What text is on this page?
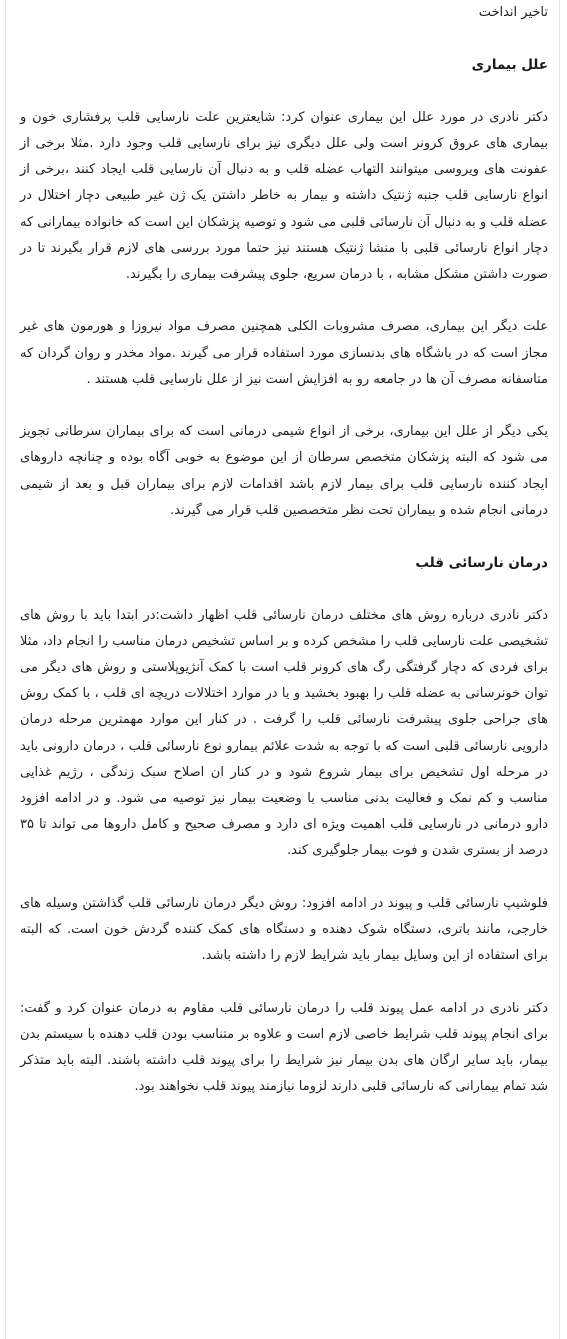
تاخیر انداخت

علل بیماری

دکتر نادری در مورد علل این بیماری عنوان کرد: شایعترین علت نارسایی قلب پرفشاری خون و بیماری های عروق کرونر است ولی علل دیگری نیز برای نارسایی قلب وجود دارد .مثلا برخی از عفونت های ویروسی میتوانند التهاب عضله قلب و به دنبال آن نارسایی قلب ایجاد کنند ،برخی از انواع نارسایی قلب جنبه ژنتیک داشته و بیمار به خاطر داشتن یک ژن غیر طبیعی دچار اختلال در عضله قلب و به دنبال آن نارسائی قلبی می شود و توصیه پزشکان این است که خانواده بیمارانی که دچار انواع نارسائی قلبی با منشا ژنتیک هستند نیز حتما مورد بررسی های لازم قرار بگیرند تا در صورت داشتن مشکل مشابه ، با درمان سریع، جلوی پیشرفت بیماری را بگیرند.

علت دیگر این بیماری، مصرف مشروبات الکلی همچنین مصرف مواد نیروزا و هورمون های غیر مجاز است که در باشگاه های بدنسازی مورد استفاده قرار می گیرند .مواد مخدر و روان گردان که متاسفانه مصرف آن ها در جامعه رو به افزایش است نیز از علل نارسایی قلب هستند .

یکی دیگر از علل این بیماری، برخی از انواع شیمی درمانی است که برای بیماران سرطانی تجویز می شود که البته پزشکان متخصص سرطان از این موضوع به خوبی آگاه بوده و چنانچه داروهای ایجاد کننده نارسایی قلب برای بیمار لازم باشد اقدامات لازم برای بیماران قبل و بعد از شیمی درمانی انجام شده و بیماران تحت نظر متخصصین قلب قرار می گیرند.

درمان نارسائی قلب

دکتر نادری درباره روش های مختلف درمان نارسائی قلب اظهار داشت:در ابتدا باید با روش های تشخیصی علت نارسایی قلب را مشخص کرده و بر اساس تشخیص درمان مناسب را انجام داد، مثلا برای فردی که دچار گرفتگی رگ های کرونر قلب است با کمک آنژیوپلاستی و روش های دیگر می توان خونرسانی به عضله قلب را بهبود بخشید و یا در موارد اختلالات دریچه ای قلب ، با کمک روش های جراحی جلوی پیشرفت نارسائی قلب را گرفت . در کنار این موارد مهمترین مرحله درمان دارویی نارسائی قلبی است که با توجه به شدت علائم بیمارو نوع نارسائی قلب ، درمان دارونی باید در مرحله اول تشخیص برای بیمار شروع شود و در کنار ان اصلاح سبک زندگی ، رژیم غذایی مناسب و کم نمک و فعالیت بدنی مناسب با وضعیت بیمار نیز توصیه می شود. و در ادامه افزود دارو درمانی در نارسایی قلب اهمیت ویژه ای دارد و مصرف صحیح و کامل داروها می تواند تا ۳۵ درصد از بستری شدن و فوت بیمار جلوگیری کند.

فلوشیپ نارسائی قلب و پیوند در ادامه افزود: روش دیگر درمان نارسائی قلب گذاشتن وسیله های خارجی، مانند باتری، دستگاه شوک دهنده و دستگاه های کمک کننده گردش خون است. که البته برای استفاده از این وسایل بیمار باید شرایط لازم را داشته باشد.

دکتر نادری در ادامه عمل پیوند قلب را درمان نارسائی قلب مقاوم به درمان عنوان کرد و گفت: برای انجام پیوند قلب شرایط خاصی لازم است و علاوه بر متناسب بودن قلب دهنده با سیستم بدن بیمار، باید سایر ارگان های بدن بیمار نیز شرایط را برای پیوند قلب داشته باشند. البته باید متذکر شد تمام بیمارانی که نارسائی قلبی دارند لزوما نیازمند پیوند قلب نخواهند بود.
